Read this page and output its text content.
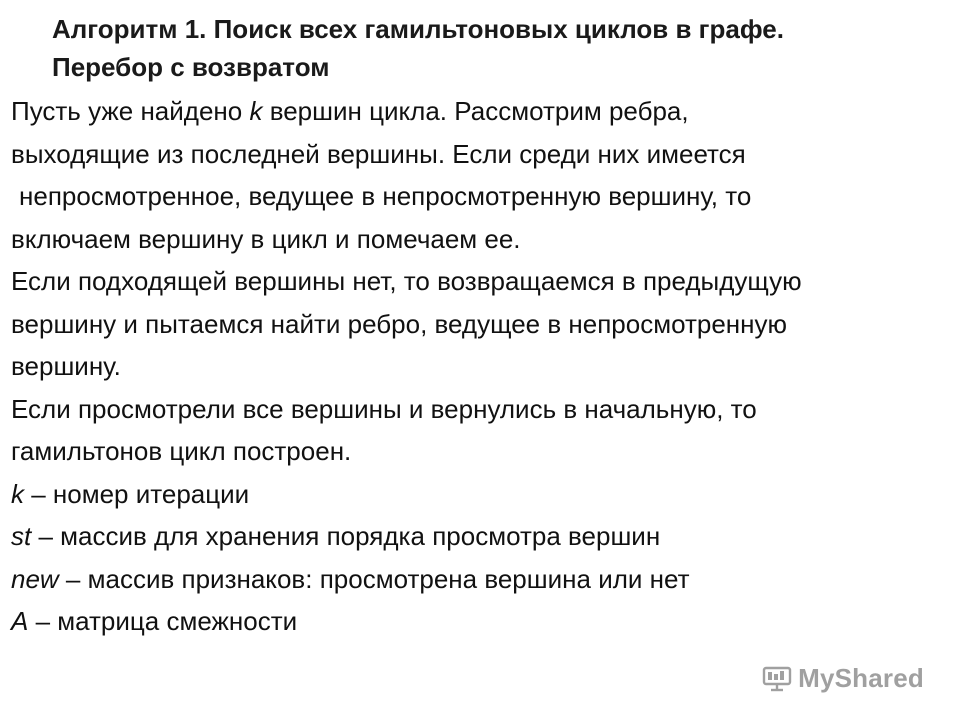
Алгоритм 1. Поиск всех гамильтоновых циклов в графе.
Перебор с возвратом
Пусть уже найдено k вершин цикла. Рассмотрим ребра,
выходящие из последней вершины. Если среди них имеется
непросмотренное, ведущее в непросмотренную вершину, то
включаем вершину в цикл и помечаем ее.
Если подходящей вершины нет, то возвращаемся в предыдущую
вершину и пытаемся найти ребро, ведущее в непросмотренную
вершину.
Если просмотрели все вершины и вернулись в начальную, то
гамильтонов цикл построен.
k – номер итерации
st – массив для хранения порядка просмотра вершин
new – массив признаков: просмотрена вершина или нет
A – матрица смежности
MyShared
